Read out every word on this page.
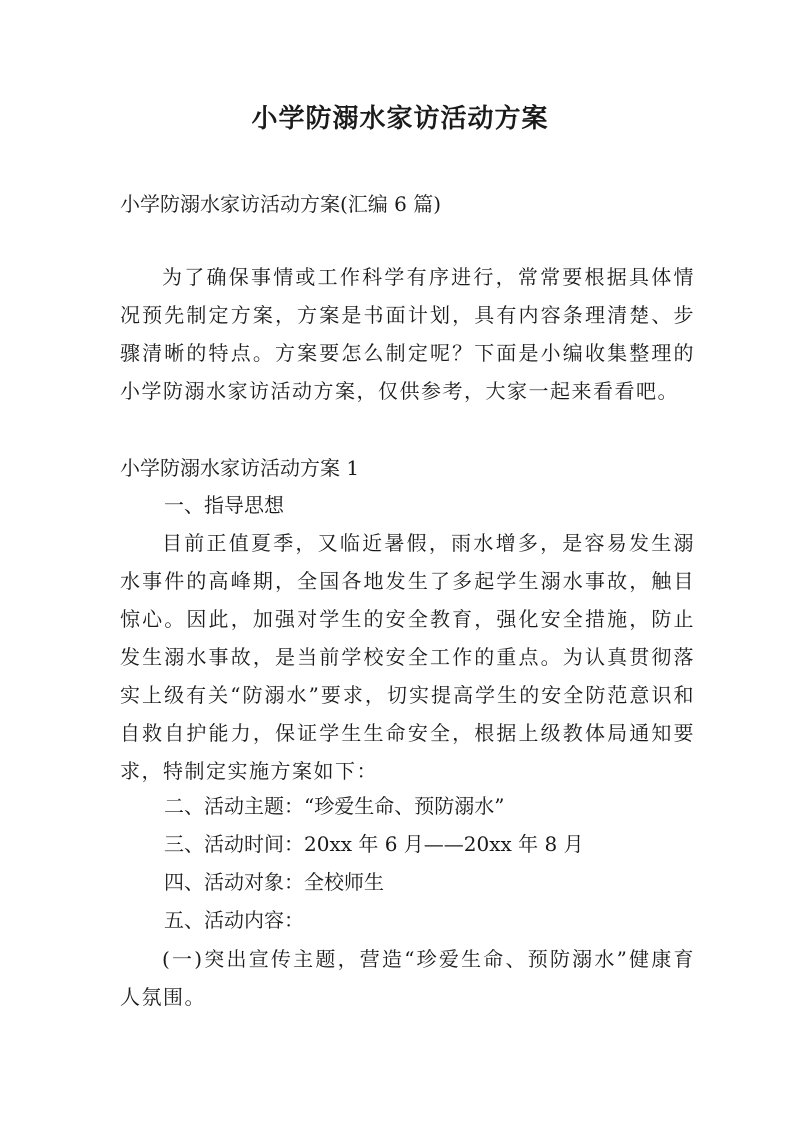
小学防溺水家访活动方案
小学防溺水家访活动方案(汇编 6 篇)
为了确保事情或工作科学有序进行，常常要根据具体情况预先制定方案，方案是书面计划，具有内容条理清楚、步骤清晰的特点。方案要怎么制定呢？下面是小编收集整理的小学防溺水家访活动方案，仅供参考，大家一起来看看吧。
小学防溺水家访活动方案 1
一、指导思想
目前正值夏季，又临近暑假，雨水增多，是容易发生溺水事件的高峰期，全国各地发生了多起学生溺水事故，触目惊心。因此，加强对学生的安全教育，强化安全措施，防止发生溺水事故，是当前学校安全工作的重点。为认真贯彻落实上级有关“防溺水”要求，切实提高学生的安全防范意识和自救自护能力，保证学生生命安全，根据上级教体局通知要求，特制定实施方案如下：
二、活动主题：“珍爱生命、预防溺水”
三、活动时间：20xx 年 6 月——20xx 年 8 月
四、活动对象：全校师生
五、活动内容：
(一)突出宣传主题，营造“珍爱生命、预防溺水”健康育人氛围。
